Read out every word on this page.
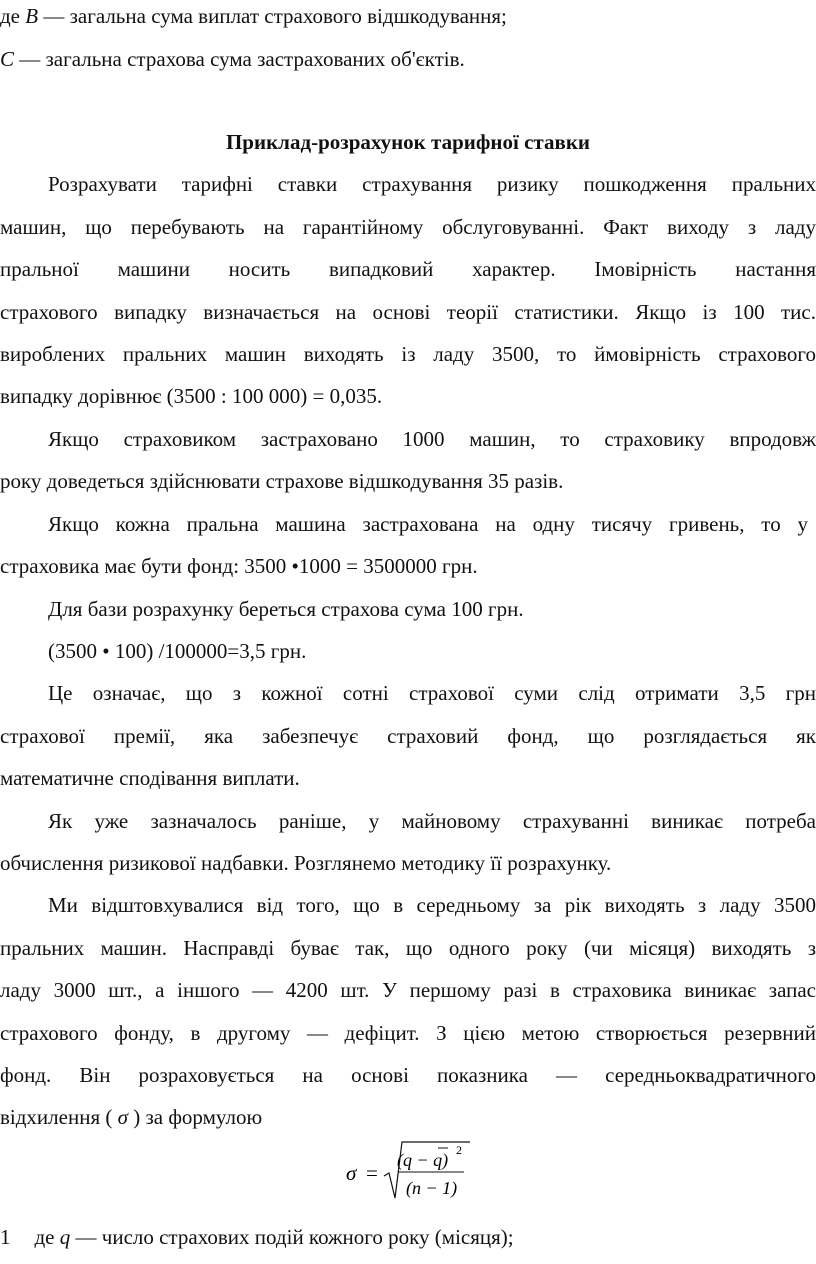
де B — загальна сума виплат страхового відшкодування;
C — загальна страхова сума застрахованих об'єктів.
Приклад-розрахунок тарифної ставки
Розрахувати тарифні ставки страхування ризику пошкодження пральних
машин, що перебувають на гарантійному обслуговуванні. Факт виходу з ладу
пральної машини носить випадковий характер. Імовірність настання
страхового випадку визначається на основі теорії статистики. Якщо із 100 тис.
вироблених пральних машин виходять із ладу 3500, то ймовірність страхового
випадку дорівнює (3500 : 100 000) = 0,035.
Якщо страховиком застраховано 1000 машин, то страховику впродовж
року доведеться здійснювати страхове відшкодування 35 разів.
Якщо кожна пральна машина застрахована на одну тисячу гривень, то у
страховика має бути фонд: 3500 •1000 = 3500000 грн.
Для бази розрахунку береться страхова сума 100 грн.
(3500 • 100) /100000=3,5 грн.
Це означає, що з кожної сотні страхової суми слід отримати 3,5 грн
страхової премії, яка забезпечує страховий фонд, що розглядається як
математичне сподівання виплати.
Як уже зазначалось раніше, у майновому страхуванні виникає потреба
обчислення ризикової надбавки. Розглянемо методику її розрахунку.
Ми відштовхувалися від того, що в середньому за рік виходять з ладу 3500
пральних машин. Насправді буває так, що одного року (чи місяця) виходять з
ладу 3000 шт., а іншого — 4200 шт. У першому разі в страховика виникає запас
страхового фонду, в другому — дефіцит. З цією метою створюється резервний
фонд. Він розраховується на основі показника — середньоквадратичного
відхилення ( σ ) за формулою
σ =
(q − q) 2
(n − 1)
1 де q — число страхових подій кожного року (місяця);
